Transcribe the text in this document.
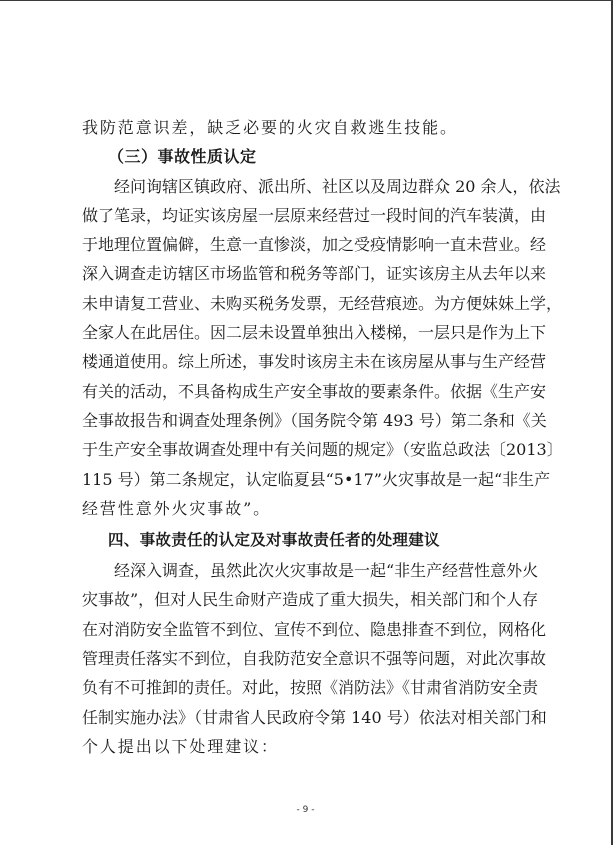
我防范意识差，缺乏必要的火灾自救逃生技能。
（三）事故性质认定
经问询辖区镇政府、派出所、社区以及周边群众 20 余人，依法
做了笔录，均证实该房屋一层原来经营过一段时间的汽车装潢，由
于地理位置偏僻，生意一直惨淡，加之受疫情影响一直未营业。经
深入调查走访辖区市场监管和税务等部门，证实该房主从去年以来
未申请复工营业、未购买税务发票，无经营痕迹。为方便妹妹上学，
全家人在此居住。因二层未设置单独出入楼梯，一层只是作为上下
楼通道使用。综上所述，事发时该房主未在该房屋从事与生产经营
有关的活动，不具备构成生产安全事故的要素条件。依据《生产安
全事故报告和调查处理条例》（国务院令第 493 号）第二条和《关
于生产安全事故调查处理中有关问题的规定》（安监总政法〔2013〕
115 号）第二条规定，认定临夏县“5•17”火灾事故是一起“非生产
经营性意外火灾事故”。
四、事故责任的认定及对事故责任者的处理建议
经深入调查，虽然此次火灾事故是一起“非生产经营性意外火
灾事故”，但对人民生命财产造成了重大损失，相关部门和个人存
在对消防安全监管不到位、宣传不到位、隐患排查不到位，网格化
管理责任落实不到位，自我防范安全意识不强等问题，对此次事故
负有不可推卸的责任。对此，按照《消防法》《甘肃省消防安全责
任制实施办法》（甘肃省人民政府令第 140 号）依法对相关部门和
个人提出以下处理建议：
- 9 -
